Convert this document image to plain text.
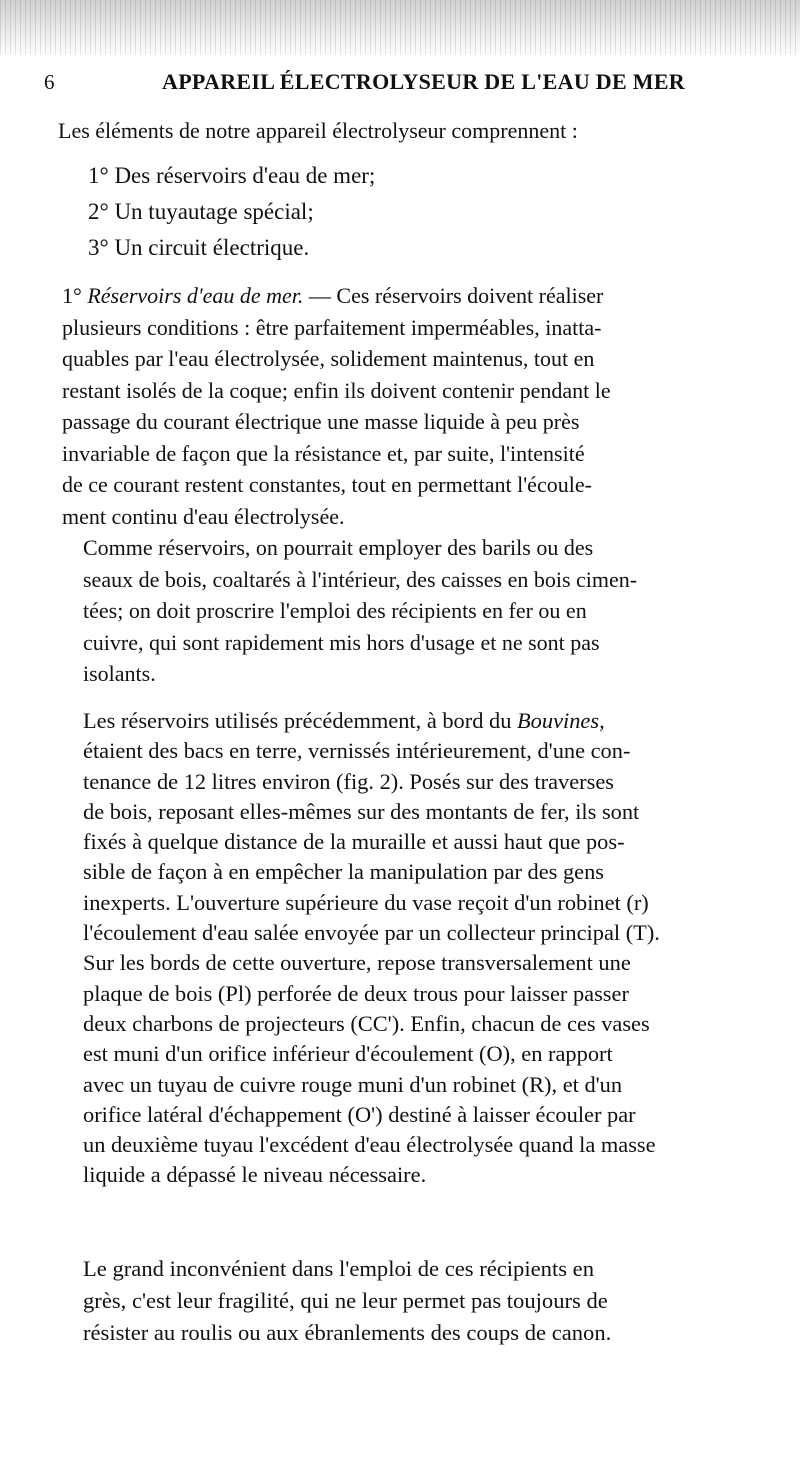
6	APPAREIL ÉLECTROLYSEUR DE L'EAU DE MER
Les éléments de notre appareil électrolyseur comprennent :
1° Des réservoirs d'eau de mer;
2° Un tuyautage spécial;
3° Un circuit électrique.
1° Réservoirs d'eau de mer. — Ces réservoirs doivent réaliser
plusieurs conditions : être parfaitement imperméables, inatta-
quables par l'eau électrolysée, solidement maintenus, tout en
restant isolés de la coque; enfin ils doivent contenir pendant le
passage du courant électrique une masse liquide à peu près
invariable de façon que la résistance et, par suite, l'intensité
de ce courant restent constantes, tout en permettant l'écoule-
ment continu d'eau électrolysée.
Comme réservoirs, on pourrait employer des barils ou des
seaux de bois, coaltarés à l'intérieur, des caisses en bois cimen-
tées; on doit proscrire l'emploi des récipients en fer ou en
cuivre, qui sont rapidement mis hors d'usage et ne sont pas
isolants.
Les réservoirs utilisés précédemment, à bord du Bouvines,
étaient des bacs en terre, vernissés intérieurement, d'une con-
tenance de 12 litres environ (fig. 2). Posés sur des traverses
de bois, reposant elles-mêmes sur des montants de fer, ils sont
fixés à quelque distance de la muraille et aussi haut que pos-
sible de façon à en empêcher la manipulation par des gens
inexperts. L'ouverture supérieure du vase reçoit d'un robinet (r)
l'écoulement d'eau salée envoyée par un collecteur principal (T).
Sur les bords de cette ouverture, repose transversalement une
plaque de bois (Pl) perforée de deux trous pour laisser passer
deux charbons de projecteurs (CC'). Enfin, chacun de ces vases
est muni d'un orifice inférieur d'écoulement (O), en rapport
avec un tuyau de cuivre rouge muni d'un robinet (R), et d'un
orifice latéral d'échappement (O') destiné à laisser écouler par
un deuxième tuyau l'excédent d'eau électrolysée quand la masse
liquide a dépassé le niveau nécessaire.
Le grand inconvénient dans l'emploi de ces récipients en
grès, c'est leur fragilité, qui ne leur permet pas toujours de
résister au roulis ou aux ébranlements des coups de canon.
